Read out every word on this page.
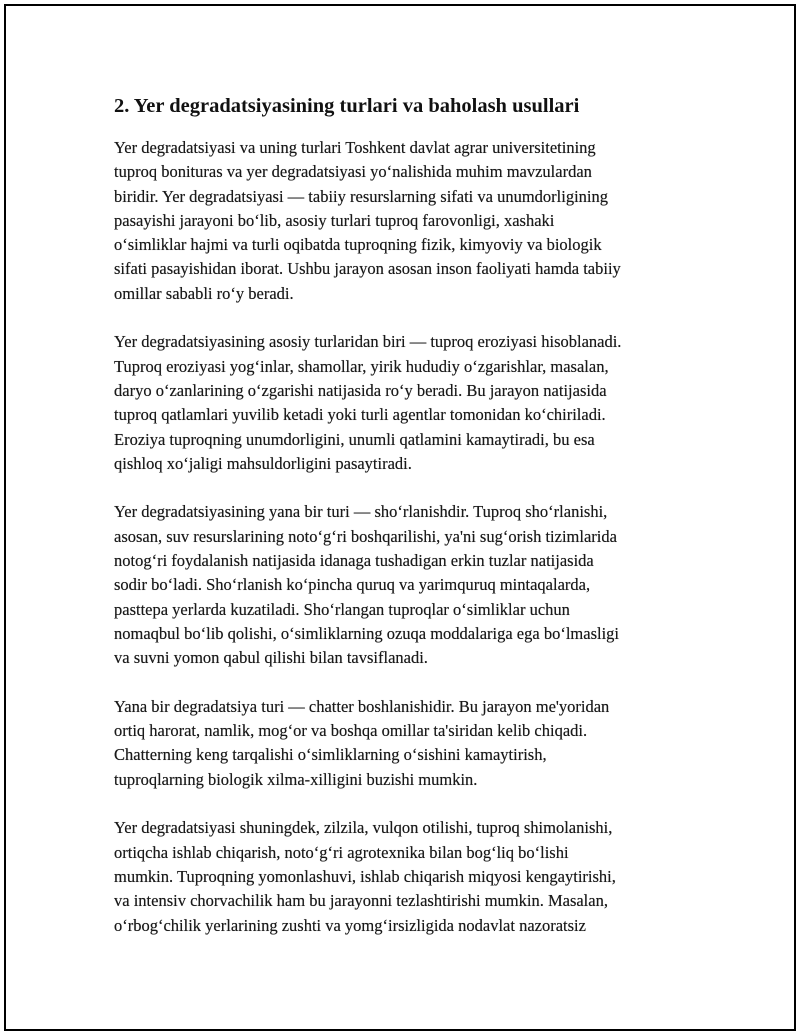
2. Yer degradatsiyasining turlari va baholash usullari

Yer degradatsiyasi va uning turlari Toshkent davlat agrar universitetining
tuproq bonituras va yer degradatsiyasi yoʻnalishida muhim mavzulardan
biridir. Yer degradatsiyasi — tabiiy resurslarning sifati va unumdorligining
pasayishi jarayoni boʻlib, asosiy turlari tuproq farovonligi, xashaki
oʻsimliklar hajmi va turli oqibatda tuproqning fizik, kimyoviy va biologik
sifati pasayishidan iborat. Ushbu jarayon asosan inson faoliyati hamda tabiiy
omillar sababli roʻy beradi.

Yer degradatsiyasining asosiy turlaridan biri — tuproq eroziyasi hisoblanadi.
Tuproq eroziyasi yogʻinlar, shamollar, yirik hududiy oʻzgarishlar, masalan,
daryo oʻzanlarining oʻzgarishi natijasida roʻy beradi. Bu jarayon natijasida
tuproq qatlamlari yuvilib ketadi yoki turli agentlar tomonidan koʻchiriladi.
Eroziya tuproqning unumdorligini, unumli qatlamini kamaytiradi, bu esa
qishloq xoʻjaligi mahsuldorligini pasaytiradi.

Yer degradatsiyasining yana bir turi — shoʻrlanishdir. Tuproq shoʻrlanishi,
asosan, suv resurslarining notoʻgʻri boshqarilishi, ya'ni sugʻorish tizimlarida
notogʻri foydalanish natijasida idanaga tushadigan erkin tuzlar natijasida
sodir boʻladi. Shoʻrlanish koʻpincha quruq va yarimquruq mintaqalarda,
pasttepa yerlarda kuzatiladi. Shoʻrlangan tuproqlar oʻsimliklar uchun
nomaqbul boʻlib qolishi, oʻsimliklarning ozuqa moddalariga ega boʻlmasligi
va suvni yomon qabul qilishi bilan tavsiflanadi.

Yana bir degradatsiya turi — chatter boshlanishidir. Bu jarayon me'yoridan
ortiq harorat, namlik, mogʻor va boshqa omillar ta'siridan kelib chiqadi.
Chatterning keng tarqalishi oʻsimliklarning oʻsishini kamaytirish,
tuproqlarning biologik xilma-xilligini buzishi mumkin.

Yer degradatsiyasi shuningdek, zilzila, vulqon otilishi, tuproq shimolanishi,
ortiqcha ishlab chiqarish, notoʻgʻri agrotexnika bilan bogʻliq boʻlishi
mumkin. Tuproqning yomonlashuvi, ishlab chiqarish miqyosi kengaytirishi,
va intensiv chorvachilik ham bu jarayonni tezlashtirishi mumkin. Masalan,
oʻrbogʻchilik yerlarining zushti va yomgʻirsizligida nodavlat nazoratsiz
